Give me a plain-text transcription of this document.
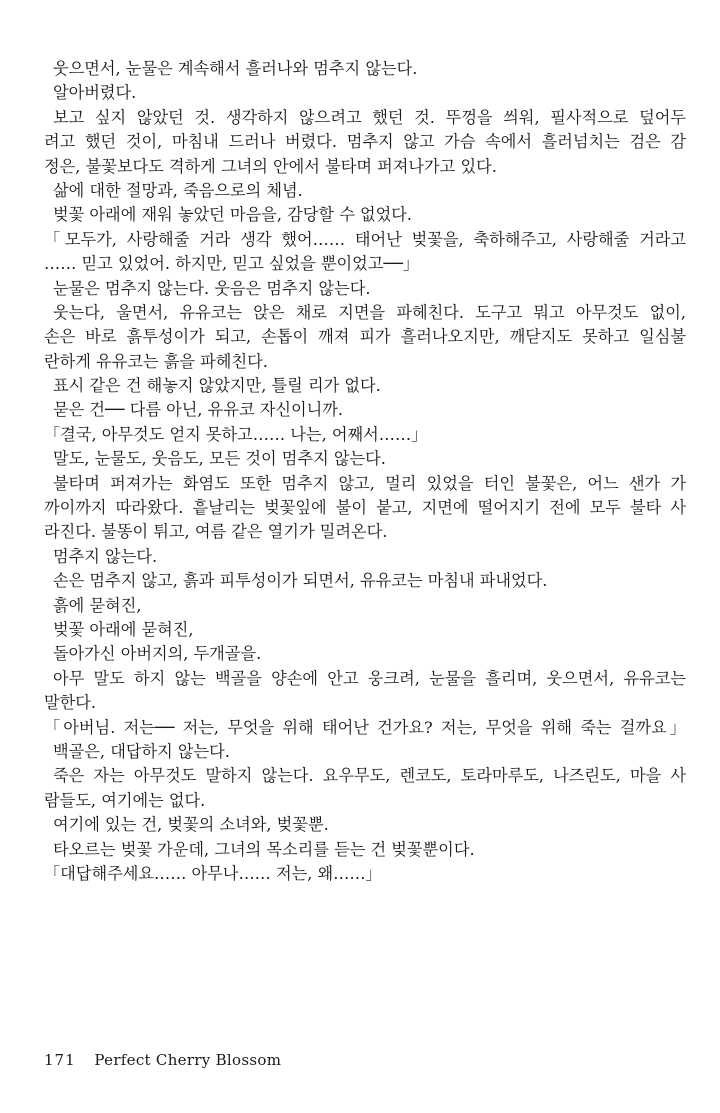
웃으면서, 눈물은 계속해서 흘러나와 멈추지 않는다.
알아버렸다.
보고 싶지 않았던 것. 생각하지 않으려고 했던 것. 뚜껑을 씌워, 필사적으로 덮어두
려고 했던 것이, 마침내 드러나 버렸다. 멈추지 않고 가슴 속에서 흘러넘치는 검은 감
정은, 불꽃보다도 격하게 그녀의 안에서 불타며 퍼져나가고 있다.
삶에 대한 절망과, 죽음으로의 체념.
벚꽃 아래에 재워 놓았던 마음을, 감당할 수 없었다.
「모두가, 사랑해줄 거라 생각 했어…… 태어난 벚꽃을, 축하해주고, 사랑해줄 거라고
…… 믿고 있었어. 하지만, 믿고 싶었을 뿐이었고──」
눈물은 멈추지 않는다. 웃음은 멈추지 않는다.
웃는다, 울면서, 유유코는 앉은 채로 지면을 파헤친다. 도구고 뭐고 아무것도 없이,
손은 바로 흙투성이가 되고, 손톱이 깨져 피가 흘러나오지만, 깨닫지도 못하고 일심불
란하게 유유코는 흙을 파헤친다.
표시 같은 건 해놓지 않았지만, 틀릴 리가 없다.
묻은 건── 다름 아닌, 유유코 자신이니까.
「결국, 아무것도 얻지 못하고…… 나는, 어째서……」
말도, 눈물도, 웃음도, 모든 것이 멈추지 않는다.
불타며 퍼져가는 화염도 또한 멈추지 않고, 멀리 있었을 터인 불꽃은, 어느 샌가 가
까이까지 따라왔다. 흩날리는 벚꽃잎에 불이 붙고, 지면에 떨어지기 전에 모두 불타 사
라진다. 불똥이 튀고, 여름 같은 열기가 밀려온다.
멈추지 않는다.
손은 멈추지 않고, 흙과 피투성이가 되면서, 유유코는 마침내 파내었다.
흙에 묻혀진,
벚꽃 아래에 묻혀진,
돌아가신 아버지의, 두개골을.
아무 말도 하지 않는 백골을 양손에 안고 웅크려, 눈물을 흘리며, 웃으면서, 유유코는
말한다.
「아버님. 저는── 저는, 무엇을 위해 태어난 건가요? 저는, 무엇을 위해 죽는 걸까요」
백골은, 대답하지 않는다.
죽은 자는 아무것도 말하지 않는다. 요우무도, 렌코도, 토라마루도, 나즈린도, 마을 사
람들도, 여기에는 없다.
여기에 있는 건, 벚꽃의 소녀와, 벚꽃뿐.
타오르는 벚꽃 가운데, 그녀의 목소리를 듣는 건 벚꽃뿐이다.
「대답해주세요…… 아무나…… 저는, 왜……」
171 Perfect Cherry Blossom
